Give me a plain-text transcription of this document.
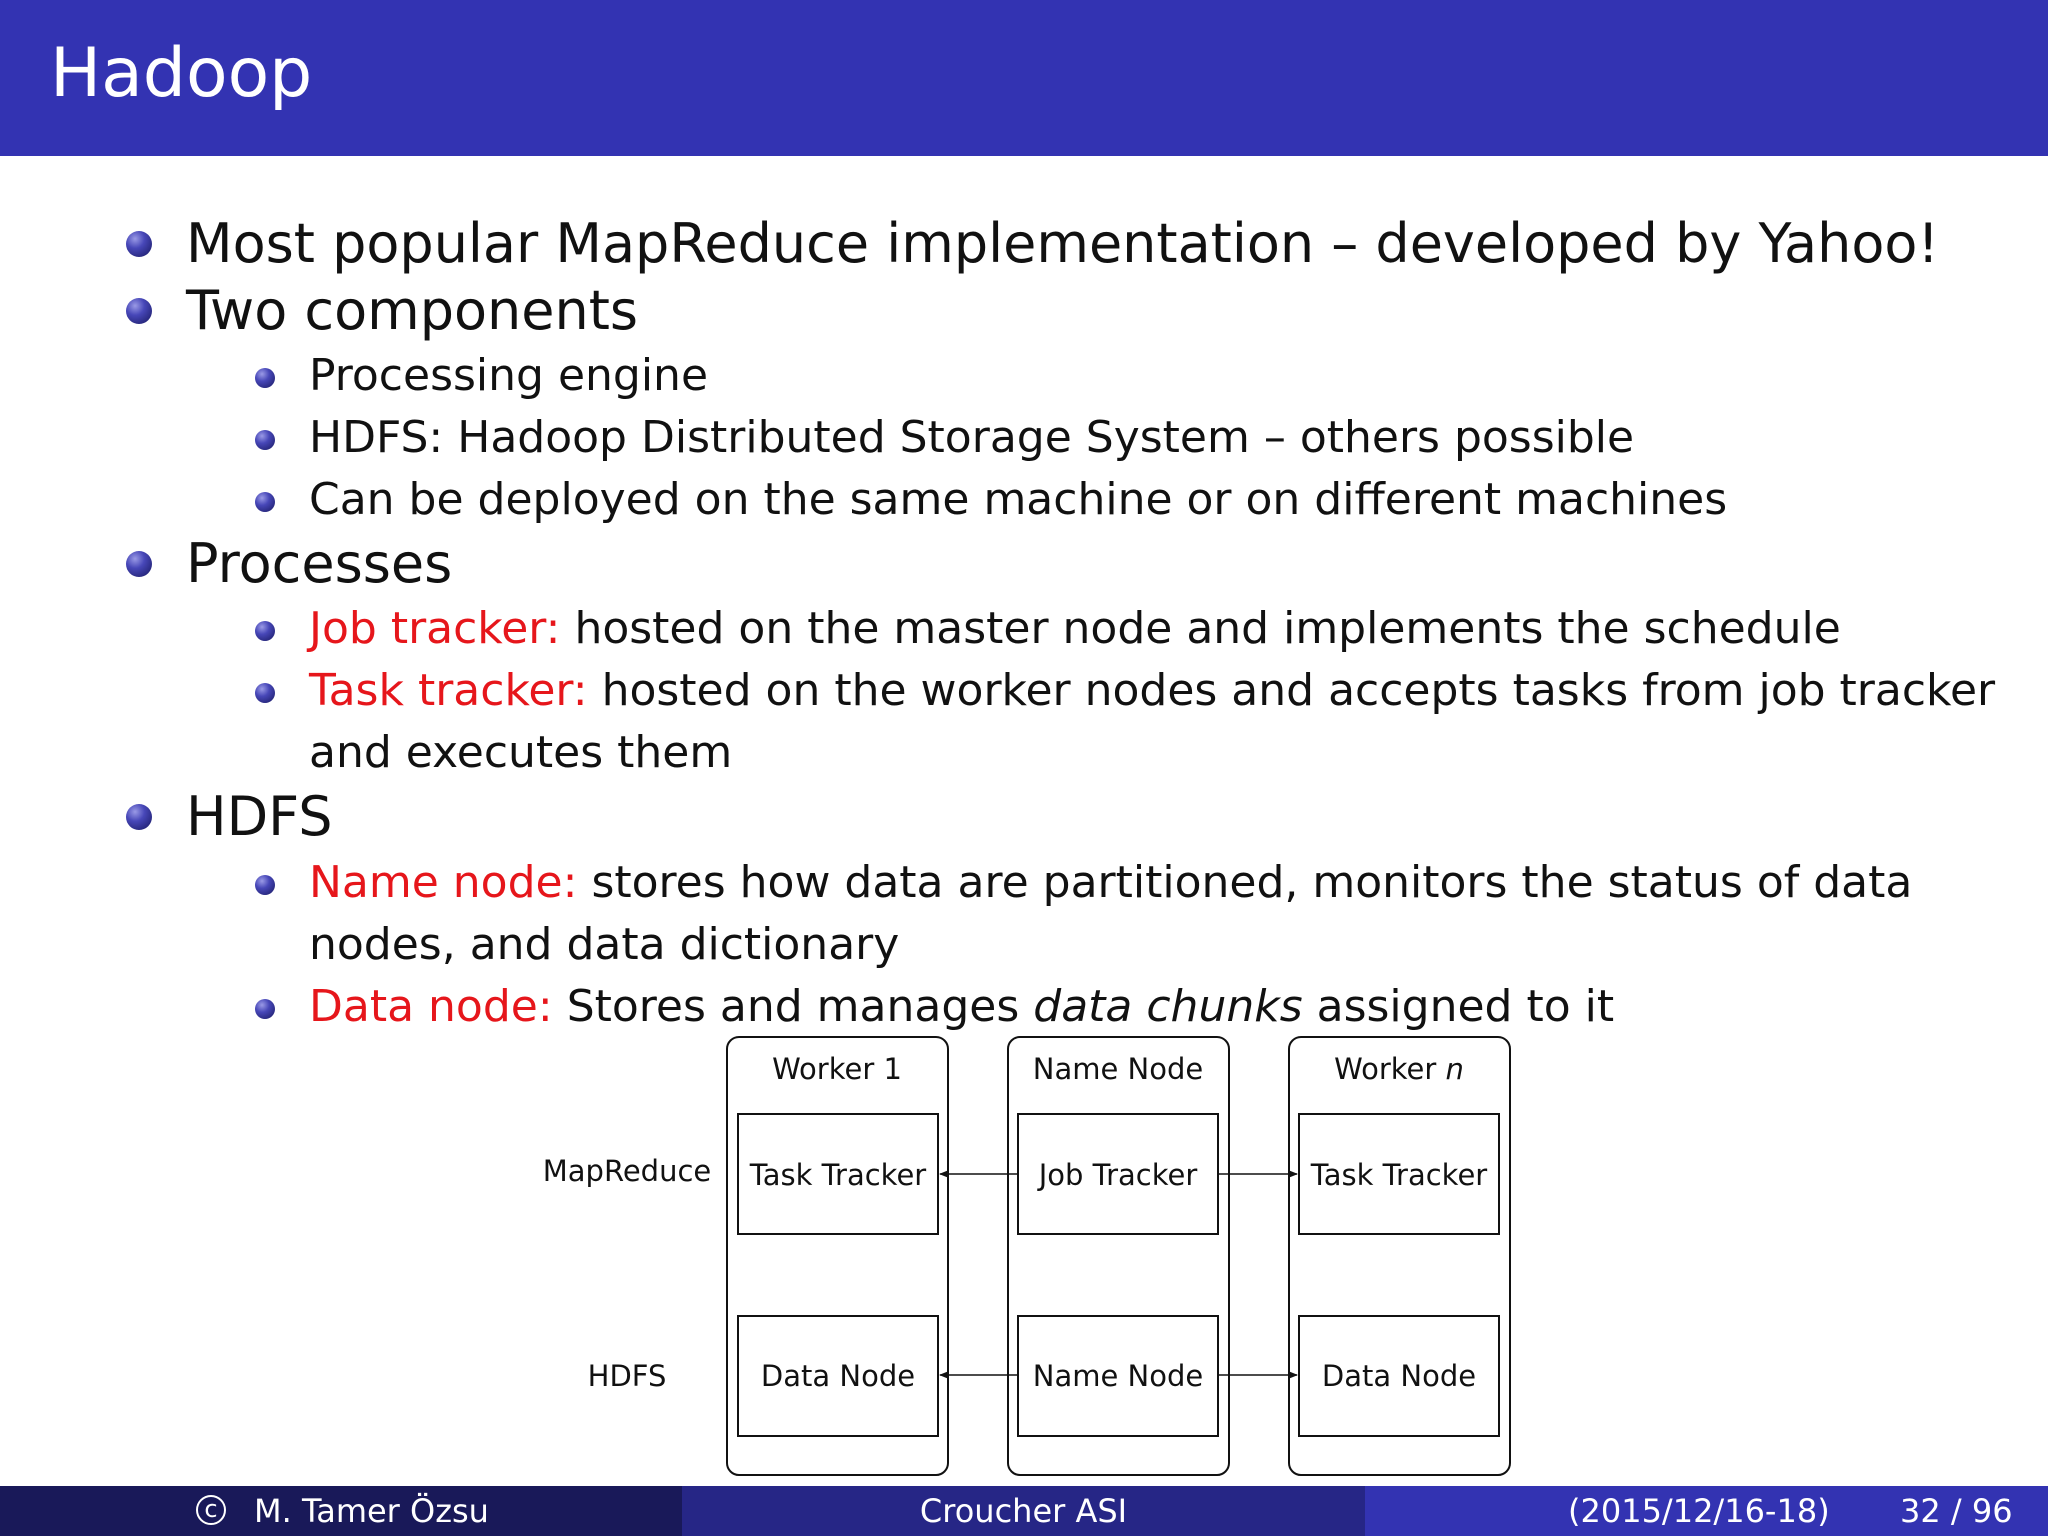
Hadoop
Most popular MapReduce implementation – developed by Yahoo!
Two components
Processing engine
HDFS: Hadoop Distributed Storage System – others possible
Can be deployed on the same machine or on different machines
Processes
Job tracker: hosted on the master node and implements the schedule
Task tracker: hosted on the worker nodes and accepts tasks from job tracker
and executes them
HDFS
Name node: stores how data are partitioned, monitors the status of data
nodes, and data dictionary
Data node: Stores and manages data chunks assigned to it
MapReduce
HDFS
Worker 1
Task Tracker
Data Node
Name Node
Job Tracker
Name Node
Worker n
Task Tracker
Data Node
c M. Tamer Özsu	Croucher ASI	(2015/12/16-18) 32 / 96
